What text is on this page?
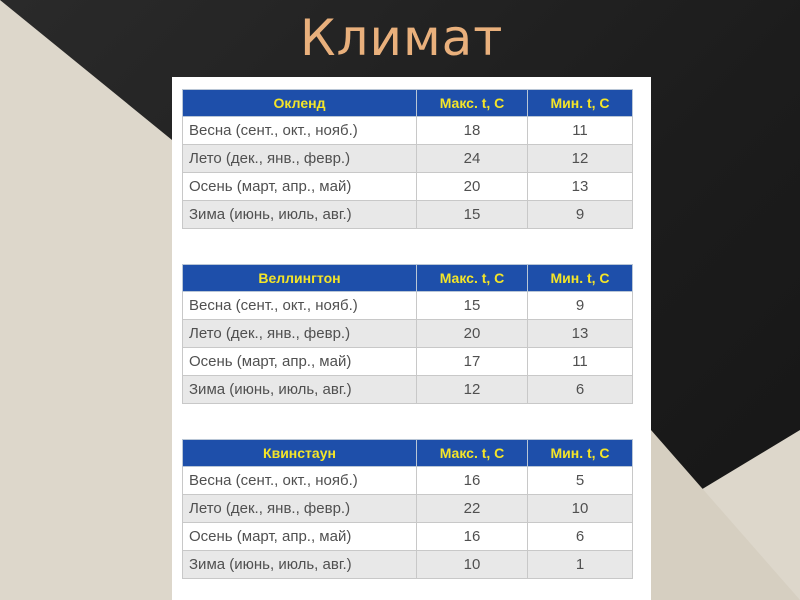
Климат
Окленд	Макс. t, С	Мин. t, С
Весна (сент., окт., нояб.)	18	11
Лето (дек., янв., февр.)	24	12
Осень (март, апр., май)	20	13
Зима (июнь, июль, авг.)	15	9
Веллингтон	Макс. t, С	Мин. t, С
Весна (сент., окт., нояб.)	15	9
Лето (дек., янв., февр.)	20	13
Осень (март, апр., май)	17	11
Зима (июнь, июль, авг.)	12	6
Квинстаун	Макс. t, С	Мин. t, С
Весна (сент., окт., нояб.)	16	5
Лето (дек., янв., февр.)	22	10
Осень (март, апр., май)	16	6
Зима (июнь, июль, авг.)	10	1
